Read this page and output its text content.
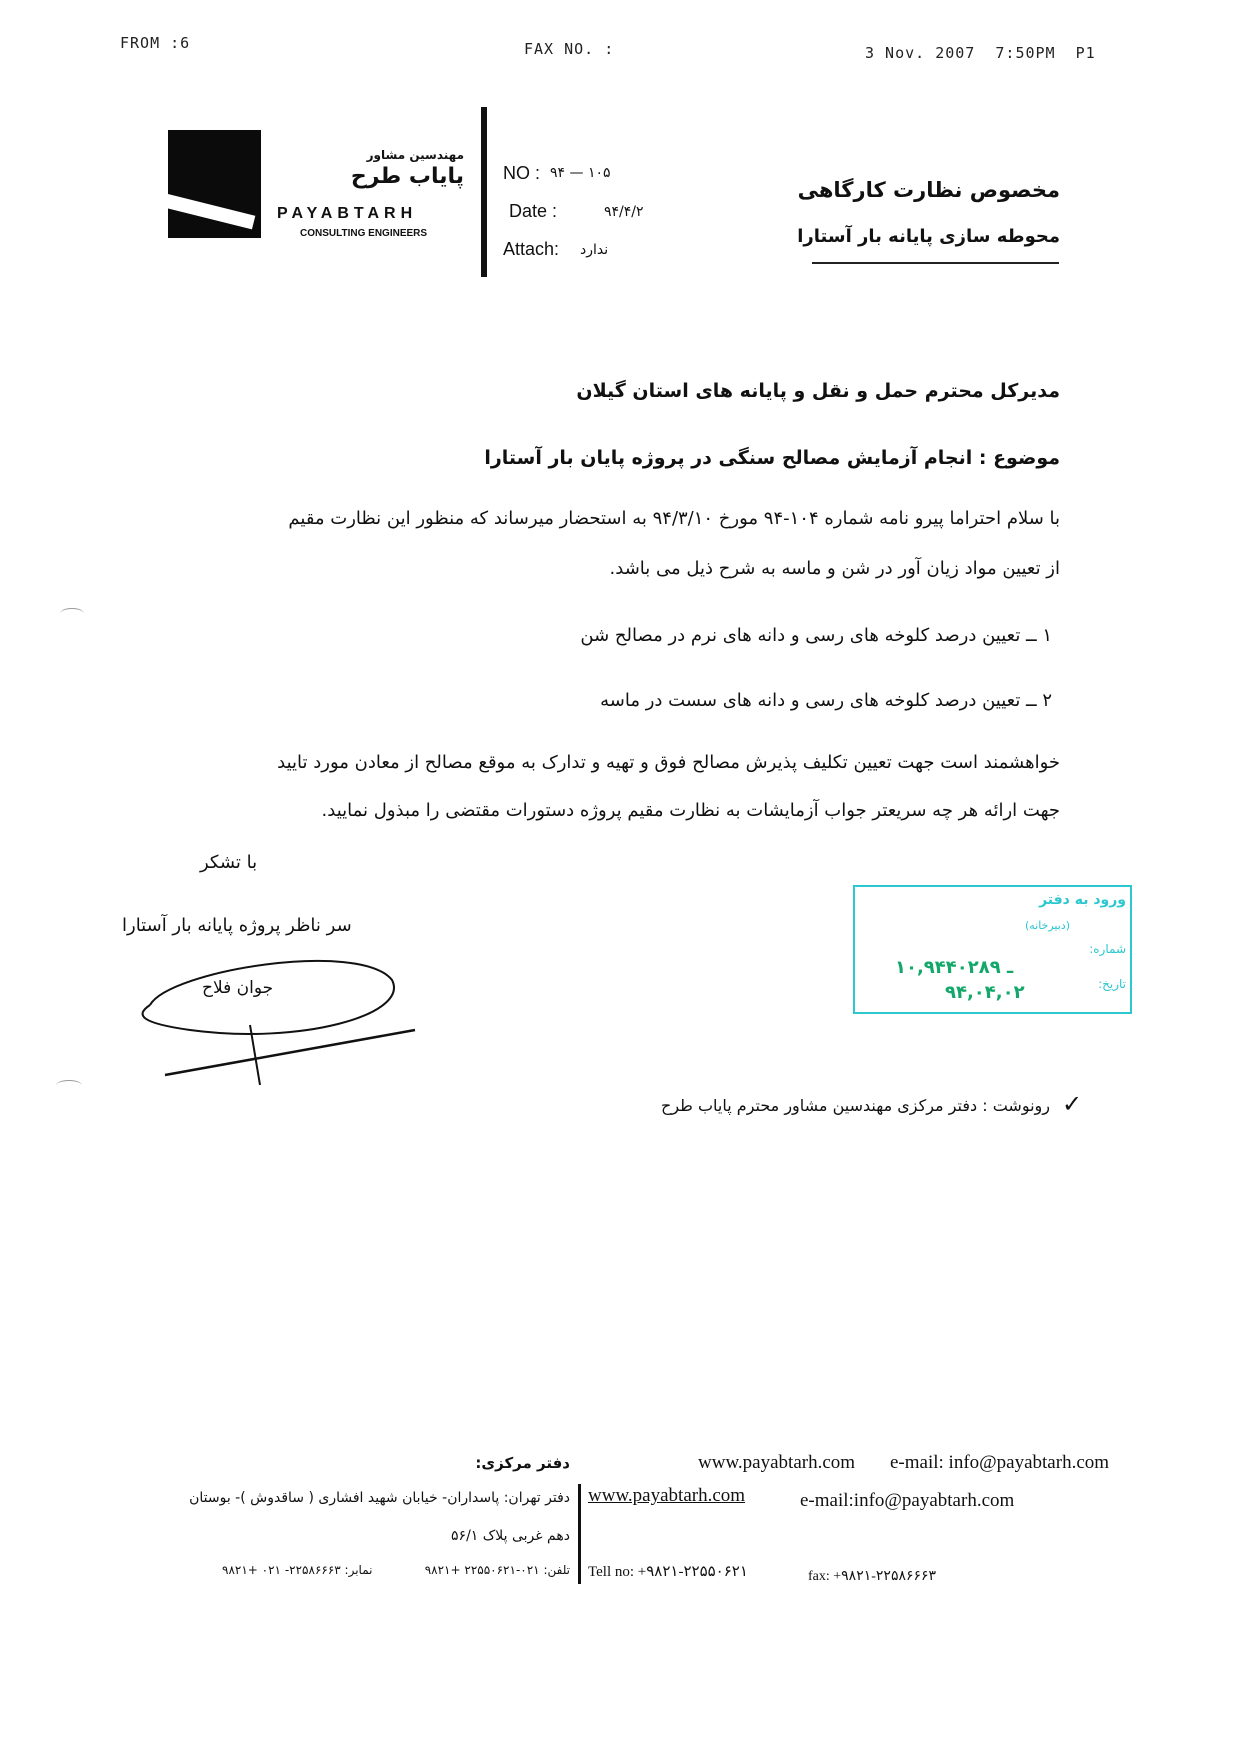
FROM :6	FAX NO. :	3 Nov. 2007  7:50PM  P1
مهندسین مشاور
پایاب طرح
PAYABTARH
CONSULTING ENGINEERS
NO : ۹۴ — ۱۰۵
Date :	۹۴/۴/۲
Attach: ندارد
مخصوص نظارت کارگاهی
محوطه سازی پایانه بار آستارا
مدیرکل محترم حمل و نقل و پایانه های استان گیلان
موضوع : انجام آزمایش مصالح سنگی در پروژه پایان بار آستارا
با سلام احتراما پیرو نامه شماره ۱۰۴-۹۴ مورخ ۹۴/۳/۱۰ به استحضار میرساند که منظور این نظارت مقیم
از تعیین مواد زیان آور در شن و ماسه به شرح ذیل می باشد.
۱ ــ تعیین درصد کلوخه های رسی و دانه های نرم در مصالح شن
۲ ــ تعیین درصد کلوخه های رسی و دانه های سست در ماسه
خواهشمند است جهت تعیین تکلیف پذیرش مصالح فوق و تهیه و تدارک به موقع مصالح از معادن مورد تایید
جهت ارائه هر چه سریعتر جواب آزمایشات به نظارت مقیم پروژه دستورات مقتضی را مبذول نمایید.
با تشکر
سر ناظر پروژه پایانه بار آستارا
جوان فلاح
ورود به دفتر
(دبیرخانه)
شماره:
۱۰,۹۴ـ ۴۰۲۸۹
تاریخ:
۹۴,۰۴,۰۲
✓
رونوشت : دفتر مرکزی مهندسین مشاور محترم پایاب طرح
دفتر مرکزی:
دفتر تهران: پاسداران- خیابان شهید افشاری ( ساقدوش )- بوستان
دهم غربی پلاک ۵۶/۱
تلفن: ۰۲۱-۲۲۵۵۰۶۲۱ +۹۸۲۱
نمابر: ۲۲۵۸۶۶۶۳- ۰۲۱ +۹۸۲۱
www.payabtarh.com e-mail: info@payabtarh.com
www.payabtarh.com	e-mail:info@payabtarh.com
Tell no: +۹۸۲۱-۲۲۵۵۰۶۲۱	fax: +۹۸۲۱-۲۲۵۸۶۶۶۳
